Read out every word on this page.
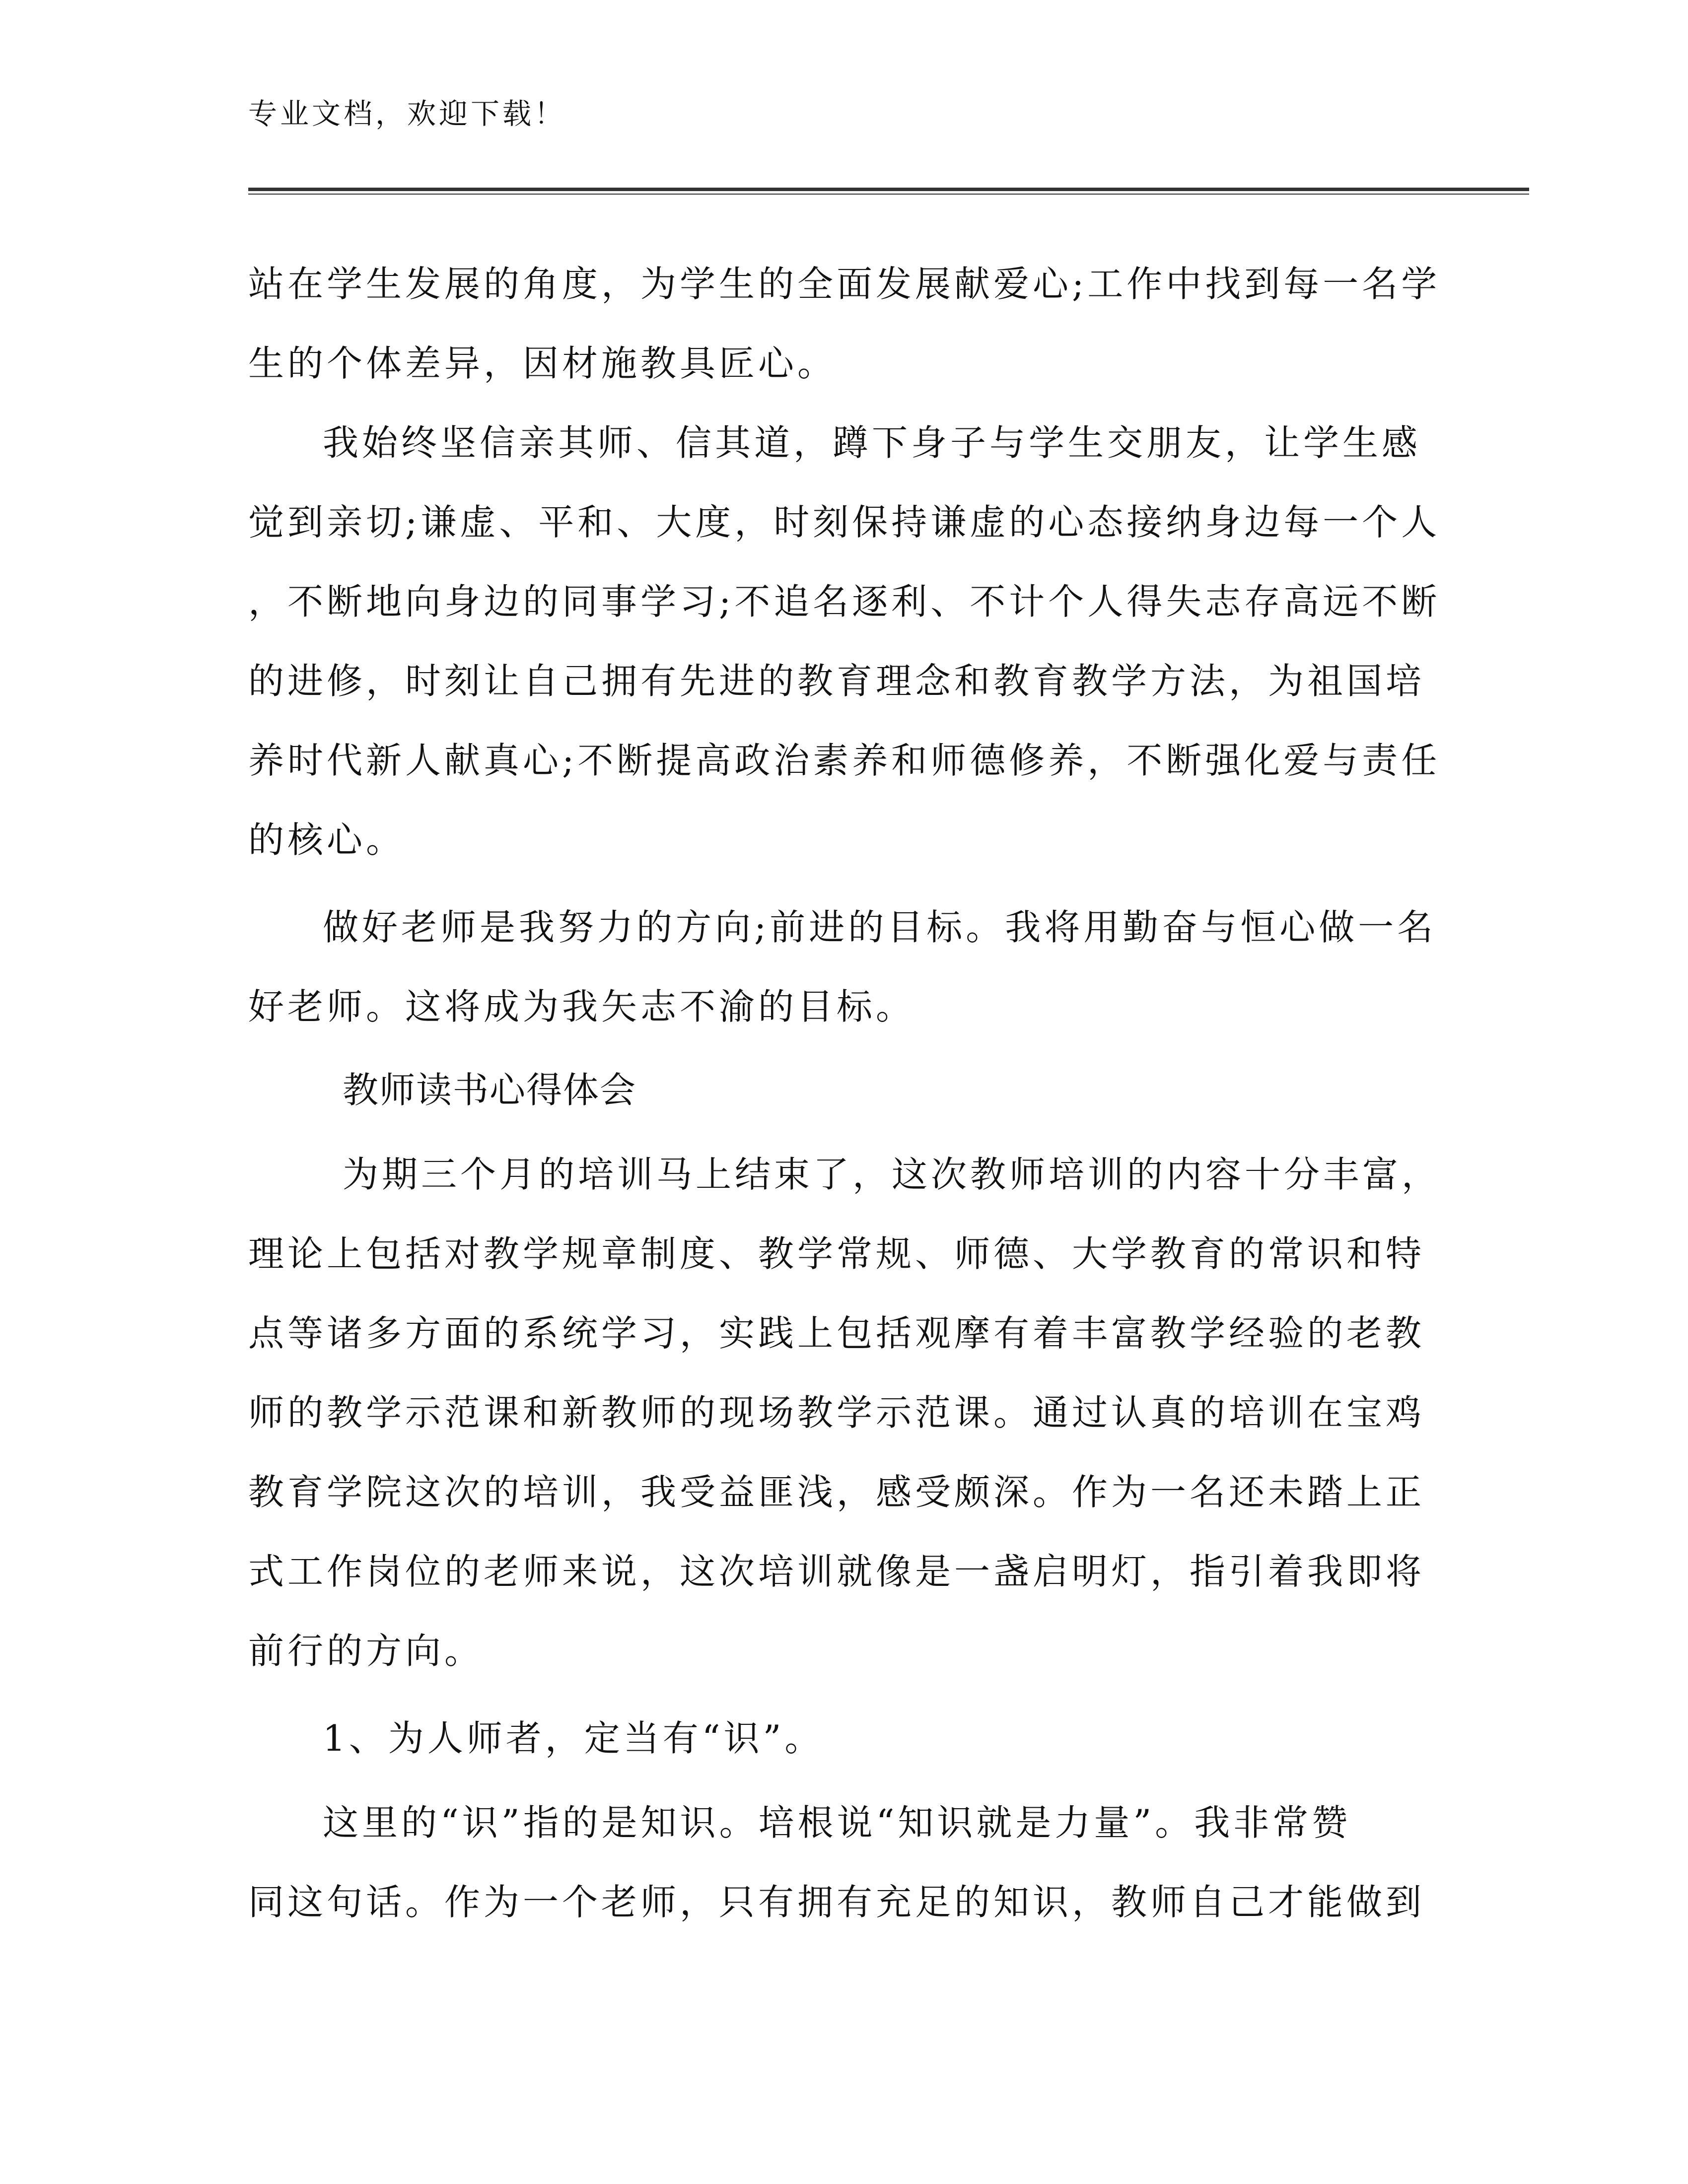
专业文档，欢迎下载！
站在学生发展的角度，为学生的全面发展献爱心;工作中找到每一名学
生的个体差异，因材施教具匠心。
我始终坚信亲其师、信其道，蹲下身子与学生交朋友，让学生感
觉到亲切;谦虚、平和、大度，时刻保持谦虚的心态接纳身边每一个人
，不断地向身边的同事学习;不追名逐利、不计个人得失志存高远不断
的进修，时刻让自己拥有先进的教育理念和教育教学方法，为祖国培
养时代新人献真心;不断提高政治素养和师德修养，不断强化爱与责任
的核心。
做好老师是我努力的方向;前进的目标。我将用勤奋与恒心做一名
好老师。这将成为我矢志不渝的目标。
教师读书心得体会
为期三个月的培训马上结束了，这次教师培训的内容十分丰富，
理论上包括对教学规章制度、教学常规、师德、大学教育的常识和特
点等诸多方面的系统学习，实践上包括观摩有着丰富教学经验的老教
师的教学示范课和新教师的现场教学示范课。通过认真的培训在宝鸡
教育学院这次的培训，我受益匪浅，感受颇深。作为一名还未踏上正
式工作岗位的老师来说，这次培训就像是一盏启明灯，指引着我即将
前行的方向。
1、为人师者，定当有“识”。
这里的“识”指的是知识。培根说“知识就是力量”。我非常赞
同这句话。作为一个老师，只有拥有充足的知识，教师自己才能做到
